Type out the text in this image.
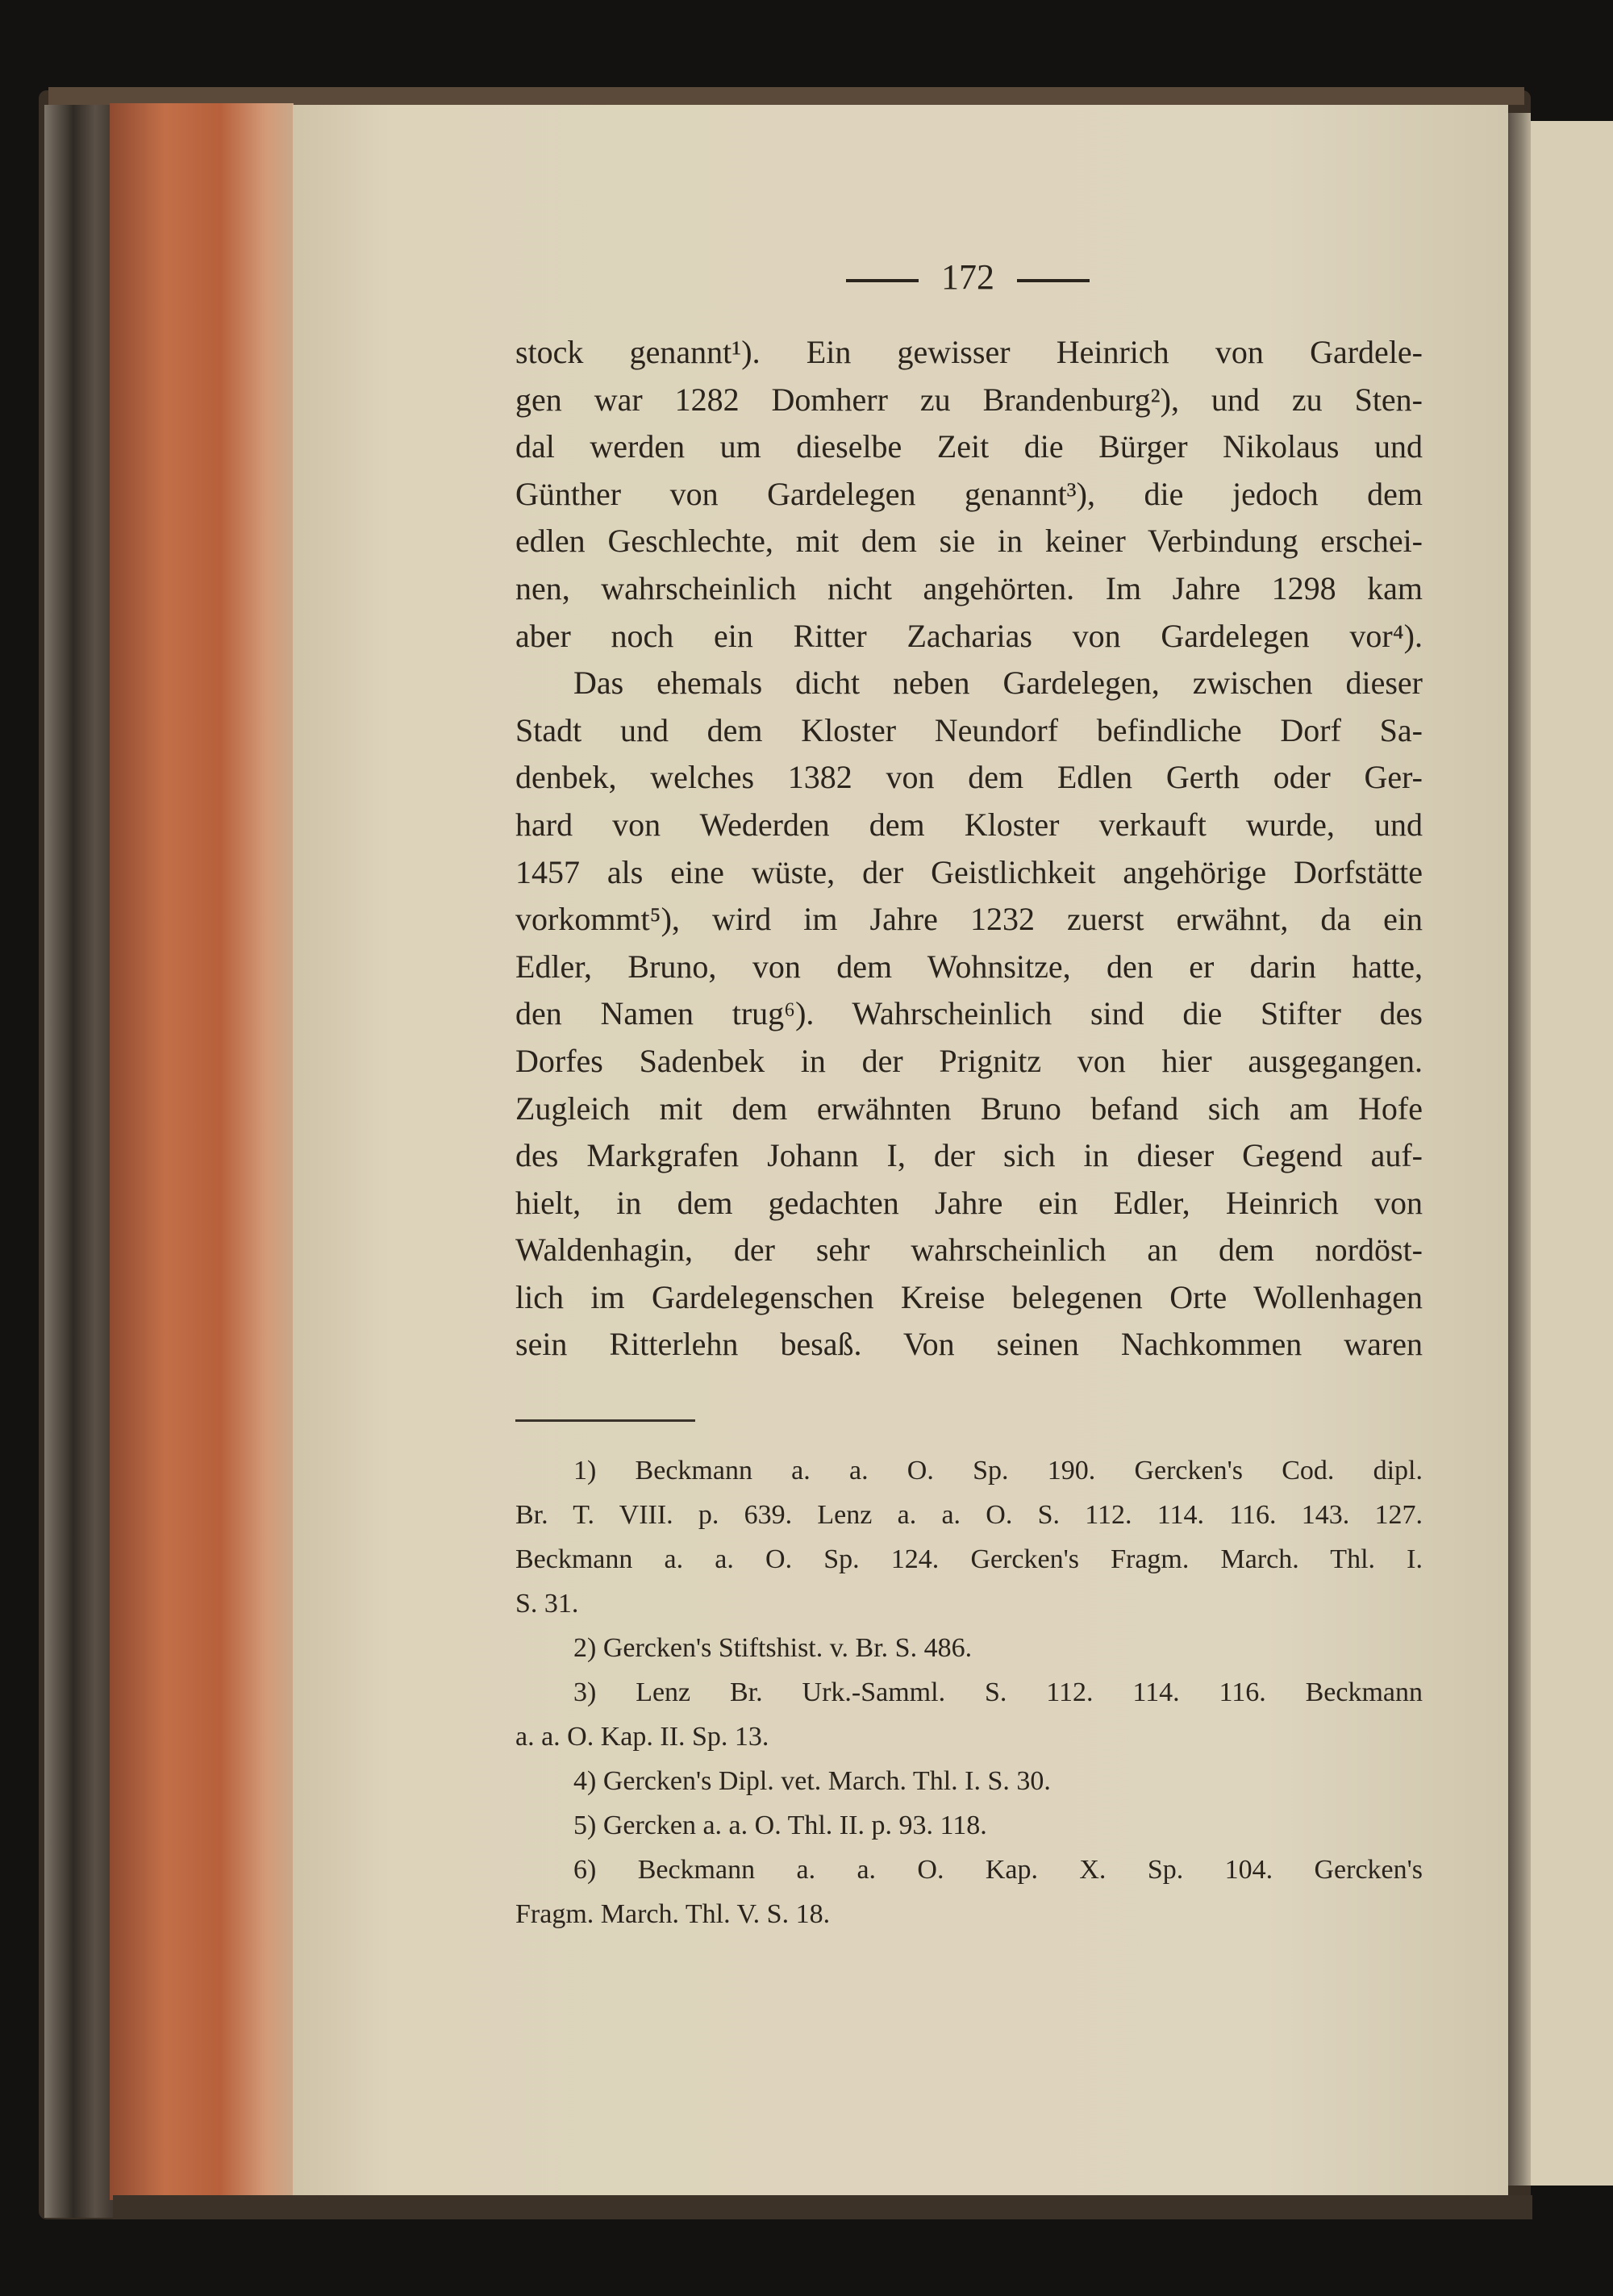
172
stock genannt¹). Ein gewisser Heinrich von Gardele-
gen war 1282 Domherr zu Brandenburg²), und zu Sten-
dal werden um dieselbe Zeit die Bürger Nikolaus und
Günther von Gardelegen genannt³), die jedoch dem
edlen Geschlechte, mit dem sie in keiner Verbindung erschei-
nen, wahrscheinlich nicht angehörten. Im Jahre 1298 kam
aber noch ein Ritter Zacharias von Gardelegen vor⁴).
Das ehemals dicht neben Gardelegen, zwischen dieser
Stadt und dem Kloster Neundorf befindliche Dorf Sa-
denbek, welches 1382 von dem Edlen Gerth oder Ger-
hard von Wederden dem Kloster verkauft wurde, und
1457 als eine wüste, der Geistlichkeit angehörige Dorfstätte
vorkommt⁵), wird im Jahre 1232 zuerst erwähnt, da ein
Edler, Bruno, von dem Wohnsitze, den er darin hatte,
den Namen trug⁶). Wahrscheinlich sind die Stifter des
Dorfes Sadenbek in der Prignitz von hier ausgegangen.
Zugleich mit dem erwähnten Bruno befand sich am Hofe
des Markgrafen Johann I, der sich in dieser Gegend auf-
hielt, in dem gedachten Jahre ein Edler, Heinrich von
Waldenhagin, der sehr wahrscheinlich an dem nordöst-
lich im Gardelegenschen Kreise belegenen Orte Wollenhagen
sein Ritterlehn besaß. Von seinen Nachkommen waren
1) Beckmann a. a. O. Sp. 190. Gercken's Cod. dipl.
Br. T. VIII. p. 639. Lenz a. a. O. S. 112. 114. 116. 143. 127.
Beckmann a. a. O. Sp. 124. Gercken's Fragm. March. Thl. I.
S. 31.
2) Gercken's Stiftshist. v. Br. S. 486.
3) Lenz Br. Urk.-Samml. S. 112. 114. 116. Beckmann
a. a. O. Kap. II. Sp. 13.
4) Gercken's Dipl. vet. March. Thl. I. S. 30.
5) Gercken a. a. O. Thl. II. p. 93. 118.
6) Beckmann a. a. O. Kap. X. Sp. 104. Gercken's
Fragm. March. Thl. V. S. 18.
